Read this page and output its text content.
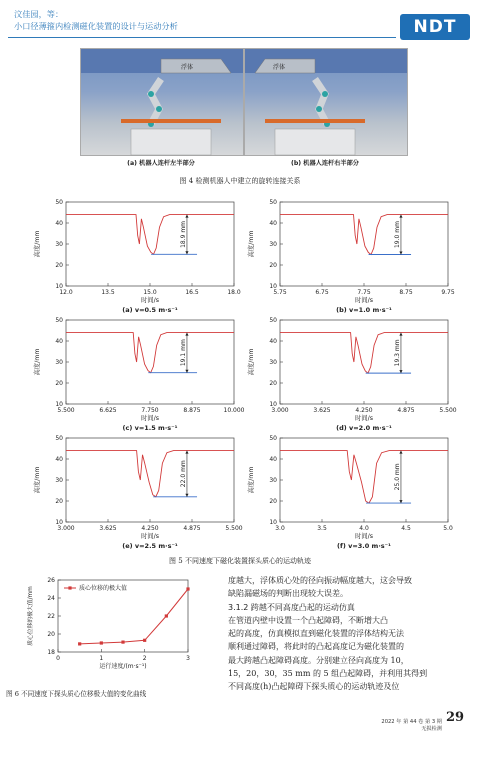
汶佳园，等：
小口径薄箍内检测磁化装置的设计与运动分析	NDT
浮体	浮体
(a) 机器人连杆左半部分	(b) 机器人连杆右半部分
图 4 检测机器人中建立的旋转连接关系
10
20
30
40
50
12.0	13.5	15.0	16.5	18.0
高度/mm
时间/s
(a) v=0.5 m·s⁻¹
18.9 mm
10
20
30
40
50
5.75	6.75	7.75	8.75	9.75
高度/mm
时间/s
(b) v=1.0 m·s⁻¹
19.0 mm
10
20
30
40
50
5.500	6.625	7.750	8.875	10.000
高度/mm
时间/s
(c) v=1.5 m·s⁻¹
19.1 mm
10
20
30
40
50
3.000	3.625	4.250	4.875	5.500
高度/mm
时间/s
(d) v=2.0 m·s⁻¹
19.3 mm
10
20
30
40
50
3.000	3.625	4.250	4.875	5.500
高度/mm
时间/s
(e) v=2.5 m·s⁻¹
22.0 mm
10
20
30
40
50
3.0	3.5	4.0	4.5	5.0
高度/mm
时间/s
(f) v=3.0 m·s⁻¹
25.0 mm
图 5 不同速度下磁化装置探头质心的运动轨迹
18
20
22
24
26
0	1	2	3
质心位移的极大值/mm
运行速度/(m·s⁻¹)
质心位移的极大值
图 6 不同速度下探头质心位移极大值的变化曲线
度越大，浮体质心处的径向振动幅度越大，这会导致
缺陷漏磁场的判断出现较大误差。
3.1.2 跨越不同高度凸起的运动仿真
在管道内壁中设置一个凸起障碍，不断增大凸
起的高度，仿真模拟直到磁化装置的浮体结构无法
顺利通过障碍，将此时的凸起高度记为磁化装置的
最大跨越凸起障碍高度。分别建立径向高度为 10，
15，20，30，35 mm 的 5 组凸起障碍，并利用其得到
不同高度(h)凸起障碍下探头质心的运动轨迹及位
2022 年 第 44 卷 第 3 期
无损检测
29
